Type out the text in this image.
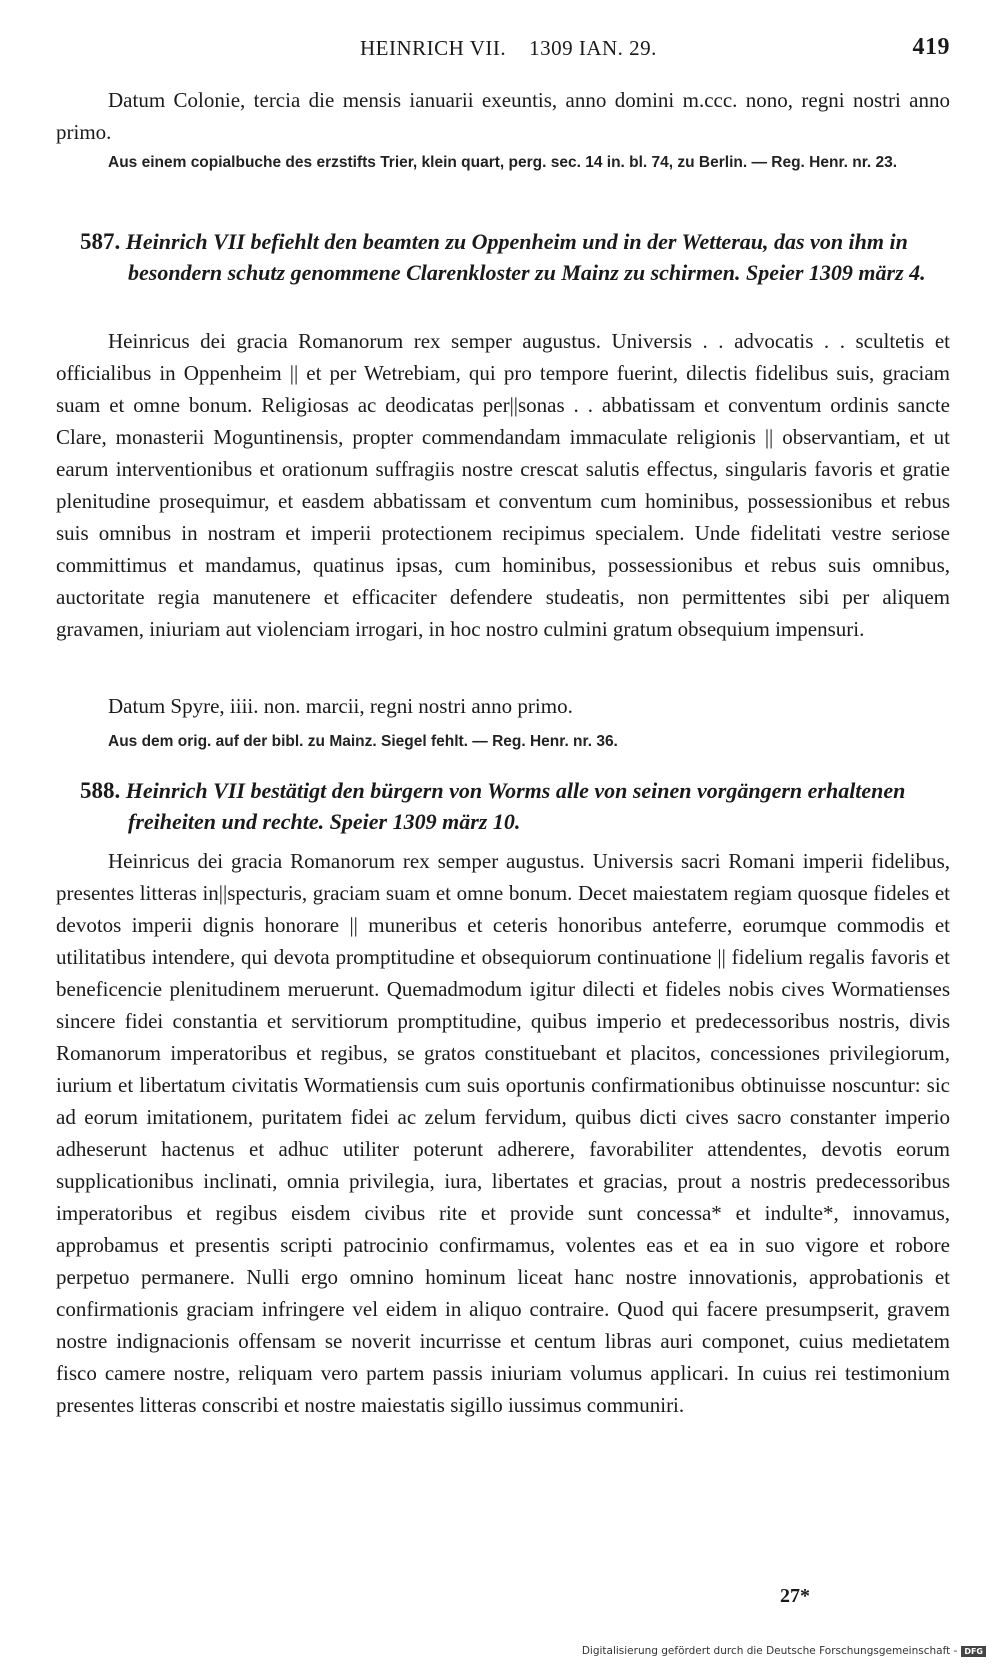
HEINRICH VII.    1309 IAN. 29.	419

Datum Colonie, tercia die mensis ianuarii exeuntis, anno domini m.ccc. nono, regni nostri anno primo.

Aus einem copialbuche des erzstifts Trier, klein quart, perg. sec. 14 in. bl. 74, zu Berlin. — Reg. Henr. nr. 23.

587. Heinrich VII befiehlt den beamten zu Oppenheim und in der Wetterau, das von ihm in besondern schutz genommene Clarenkloster zu Mainz zu schirmen. Speier 1309 märz 4.

Heinricus dei gracia Romanorum rex semper augustus. Universis . . advocatis . . scultetis et officialibus in Oppenheim || et per Wetrebiam, qui pro tempore fuerint, dilectis fidelibus suis, graciam suam et omne bonum. Religiosas ac deodicatas per||sonas . . abbatissam et conventum ordinis sancte Clare, monasterii Moguntinensis, propter commendandam immaculate religionis || observantiam, et ut earum interventionibus et orationum suffragiis nostre crescat salutis effectus, singularis favoris et gratie plenitudine prosequimur, et easdem abbatissam et conventum cum hominibus, possessionibus et rebus suis omnibus in nostram et imperii protectionem recipimus specialem. Unde fidelitati vestre seriose committimus et mandamus, quatinus ipsas, cum hominibus, possessionibus et rebus suis omnibus, auctoritate regia manutenere et efficaciter defendere studeatis, non permittentes sibi per aliquem gravamen, iniuriam aut violenciam irrogari, in hoc nostro culmini gratum obsequium impensuri.

Datum Spyre, iiii. non. marcii, regni nostri anno primo.

Aus dem orig. auf der bibl. zu Mainz. Siegel fehlt. — Reg. Henr. nr. 36.

588. Heinrich VII bestätigt den bürgern von Worms alle von seinen vorgängern erhaltenen freiheiten und rechte. Speier 1309 märz 10.

Heinricus dei gracia Romanorum rex semper augustus. Universis sacri Romani imperii fidelibus, presentes litteras in||specturis, graciam suam et omne bonum. Decet maiestatem regiam quosque fideles et devotos imperii dignis honorare || muneribus et ceteris honoribus anteferre, eorumque commodis et utilitatibus intendere, qui devota promptitudine et obsequiorum continuatione || fidelium regalis favoris et beneficencie plenitudinem meruerunt. Quemadmodum igitur dilecti et fideles nobis cives Wormatienses sincere fidei constantia et servitiorum promptitudine, quibus imperio et predecessoribus nostris, divis Romanorum imperatoribus et regibus, se gratos constituebant et placitos, concessiones privilegiorum, iurium et libertatum civitatis Wormatiensis cum suis oportunis confirmationibus obtinuisse noscuntur: sic ad eorum imitationem, puritatem fidei ac zelum fervidum, quibus dicti cives sacro constanter imperio adheserunt hactenus et adhuc utiliter poterunt adherere, favorabiliter attendentes, devotis eorum supplicationibus inclinati, omnia privilegia, iura, libertates et gracias, prout a nostris predecessoribus imperatoribus et regibus eisdem civibus rite et provide sunt concessa* et indulte*, innovamus, approbamus et presentis scripti patrocinio confirmamus, volentes eas et ea in suo vigore et robore perpetuo permanere. Nulli ergo omnino hominum liceat hanc nostre innovationis, approbationis et confirmationis graciam infringere vel eidem in aliquo contraire. Quod qui facere presumpserit, gravem nostre indignacionis offensam se noverit incurrisse et centum libras auri componet, cuius medietatem fisco camere nostre, reliquam vero partem passis iniuriam volumus applicari. In cuius rei testimonium presentes litteras conscribi et nostre maiestatis sigillo iussimus communiri.

27*
Digitalisierung gefördert durch die Deutsche Forschungsgemeinschaft - DFG
